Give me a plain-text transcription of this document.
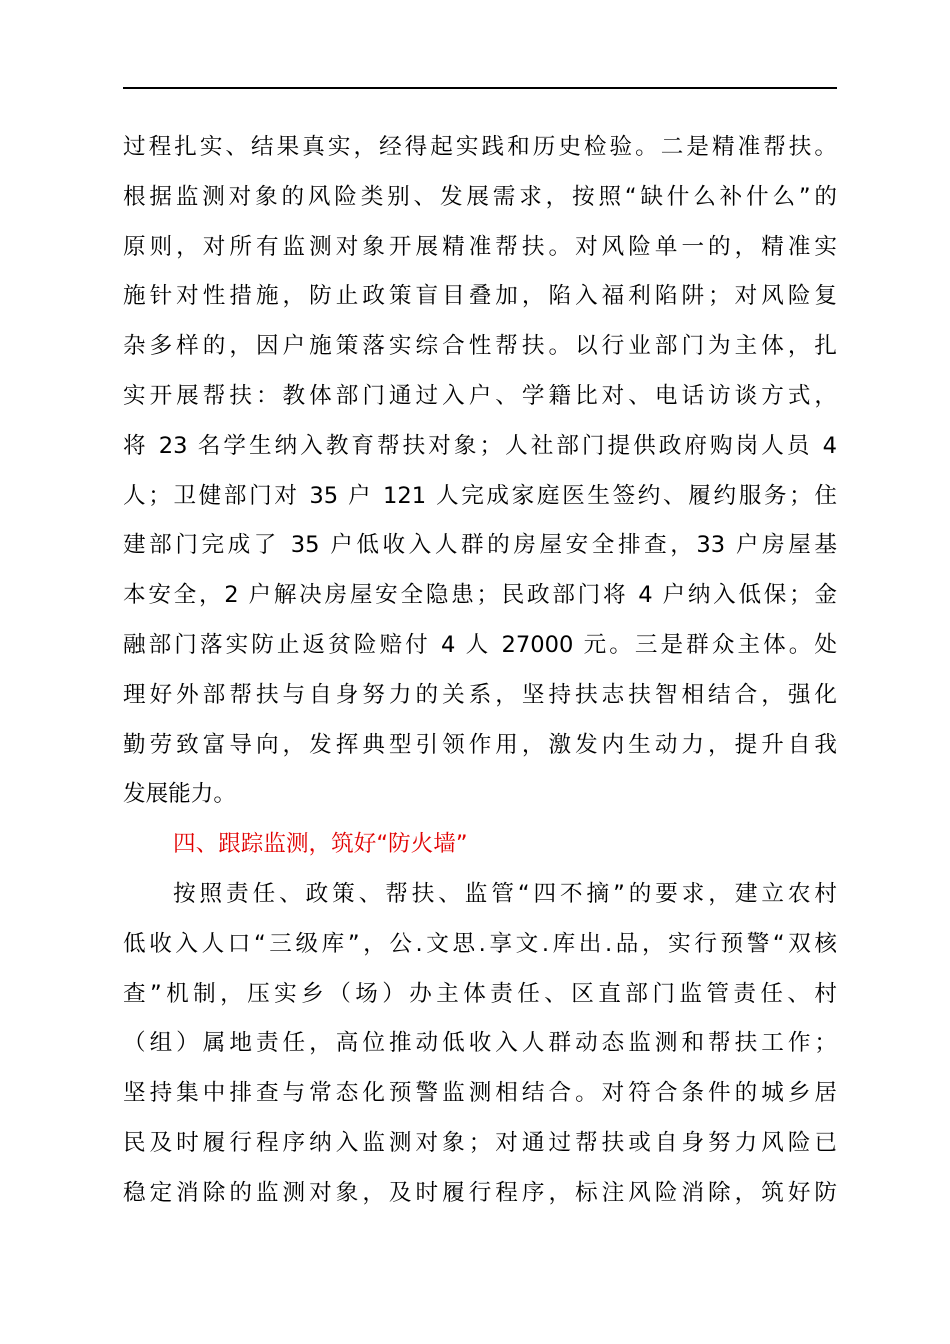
过程扎实、结果真实，经得起实践和历史检验。二是精准帮扶。
根据监测对象的风险类别、发展需求，按照“缺什么补什么”的
原则，对所有监测对象开展精准帮扶。对风险单一的，精准实
施针对性措施，防止政策盲目叠加，陷入福利陷阱；对风险复
杂多样的，因户施策落实综合性帮扶。以行业部门为主体，扎
实开展帮扶：教体部门通过入户、学籍比对、电话访谈方式，
将 23 名学生纳入教育帮扶对象；人社部门提供政府购岗人员 4
人；卫健部门对 35 户 121 人完成家庭医生签约、履约服务；住
建部门完成了 35 户低收入人群的房屋安全排查，33 户房屋基
本安全，2 户解决房屋安全隐患；民政部门将 4 户纳入低保；金
融部门落实防止返贫险赔付 4 人 27000 元。三是群众主体。处
理好外部帮扶与自身努力的关系，坚持扶志扶智相结合，强化
勤劳致富导向，发挥典型引领作用，激发内生动力，提升自我
发展能力。
四、跟踪监测，筑好“防火墙”
按照责任、政策、帮扶、监管“四不摘”的要求，建立农村
低收入人口“三级库”，公.文思.享文.库出.品，实行预警“双核
查”机制，压实乡（场）办主体责任、区直部门监管责任、村
（组）属地责任，高位推动低收入人群动态监测和帮扶工作；
坚持集中排查与常态化预警监测相结合。对符合条件的城乡居
民及时履行程序纳入监测对象；对通过帮扶或自身努力风险已
稳定消除的监测对象，及时履行程序，标注风险消除，筑好防
